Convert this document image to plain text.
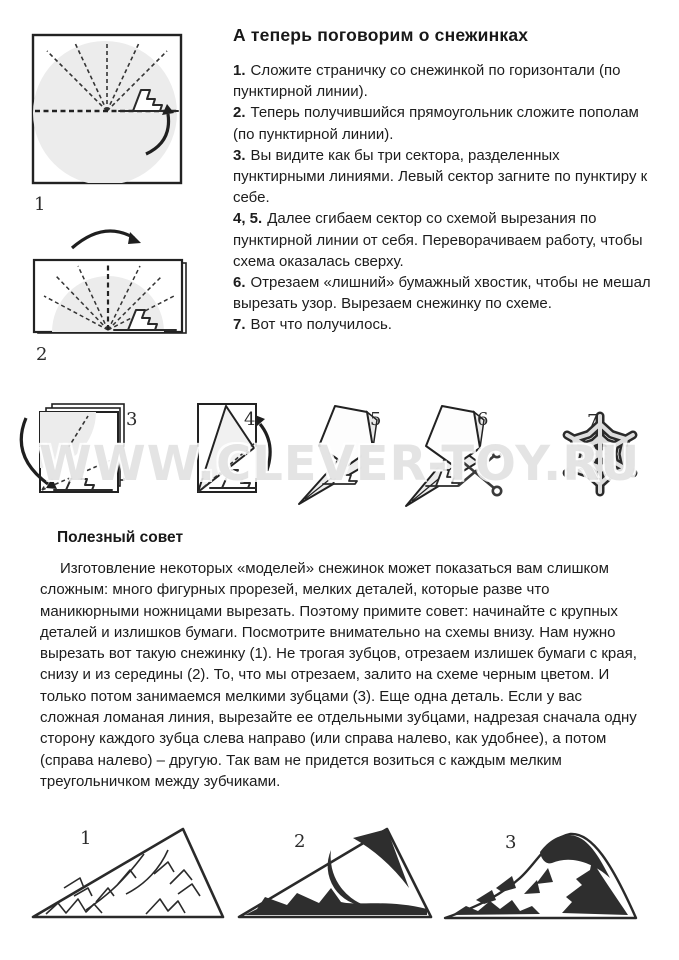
1
2
А теперь поговорим о снежинках
1. Сложите страничку со снежинкой по горизонтали (по пунктирной линии).
2. Теперь получившийся прямоугольник сложите пополам (по пунктирной линии).
3. Вы видите как бы три сектора, разделенных пунктирными линиями. Левый сектор загните по пунктиру к себе.
4, 5. Далее сгибаем сектор со схемой вырезания по пунктирной линии от себя. Переворачиваем работу, чтобы схема оказалась сверху.
6. Отрезаем «лишний» бумажный хвостик, чтобы не мешал вырезать узор. Вырезаем снежинку по схеме.
7. Вот что получилось.
3	4	5	6	7
WWW.CLEVER-TOY.RU
Полезный совет
Изготовление некоторых «моделей» снежинок может показаться вам слишком сложным: много фигурных прорезей, мелких деталей, которые разве что маникюрными ножницами вырезать. Поэтому примите совет: начинайте с крупных деталей и излишков бумаги. Посмотрите внимательно на схемы внизу. Нам нужно вырезать вот такую снежинку (1). Не трогая зубцов, отрезаем излишек бумаги с края, снизу и из середины (2). То, что мы отрезаем, залито на схеме черным цветом. И только потом занимаемся мелкими зубцами (3). Еще одна деталь. Если у вас сложная ломаная линия, вырезайте ее отдельными зубцами, надрезая сначала одну сторону каждого зубца слева направо (или справа налево, как удобнее), а потом (справа налево) – другую. Так вам не придется возиться с каждым мелким треугольничком между зубчиками.
1	2	3
